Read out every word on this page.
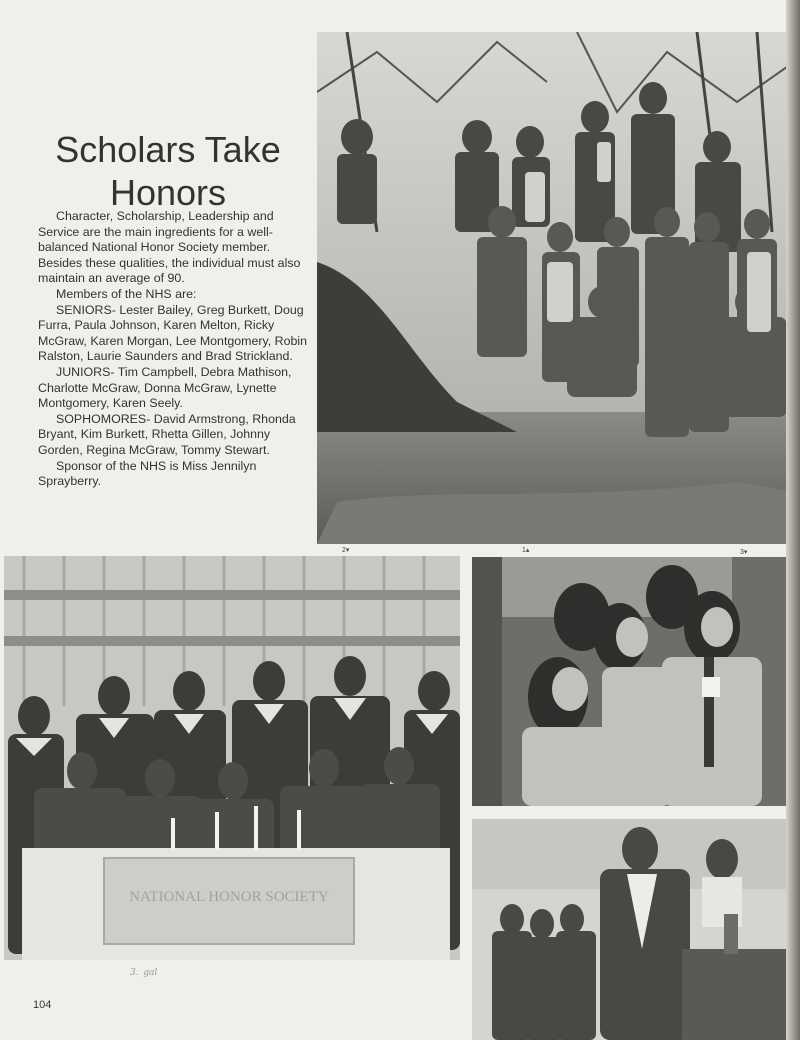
Scholars Take Honors

Character, Scholarship, Leadership and Service are the main ingredients for a well-balanced National Honor Society member. Besides these qualities, the individual must also maintain an average of 90.

Members of the NHS are:

SENIORS- Lester Bailey, Greg Burkett, Doug Furra, Paula Johnson, Karen Melton, Ricky McGraw, Karen Morgan, Lee Montgomery, Robin Ralston, Laurie Saunders and Brad Strickland.

JUNIORS- Tim Campbell, Debra Mathison, Charlotte McGraw, Donna McGraw, Lynette Montgomery, Karen Seely.

SOPHOMORES- David Armstrong, Rhonda Bryant, Kim Burkett, Rhetta Gillen, Johnny Gorden, Regina McGraw, Tommy Stewart.

Sponsor of the NHS is Miss Jennilyn Sprayberry.

2▾	1▴	3▾
NATIONAL HONOR SOCIETY
3.  gal
104
